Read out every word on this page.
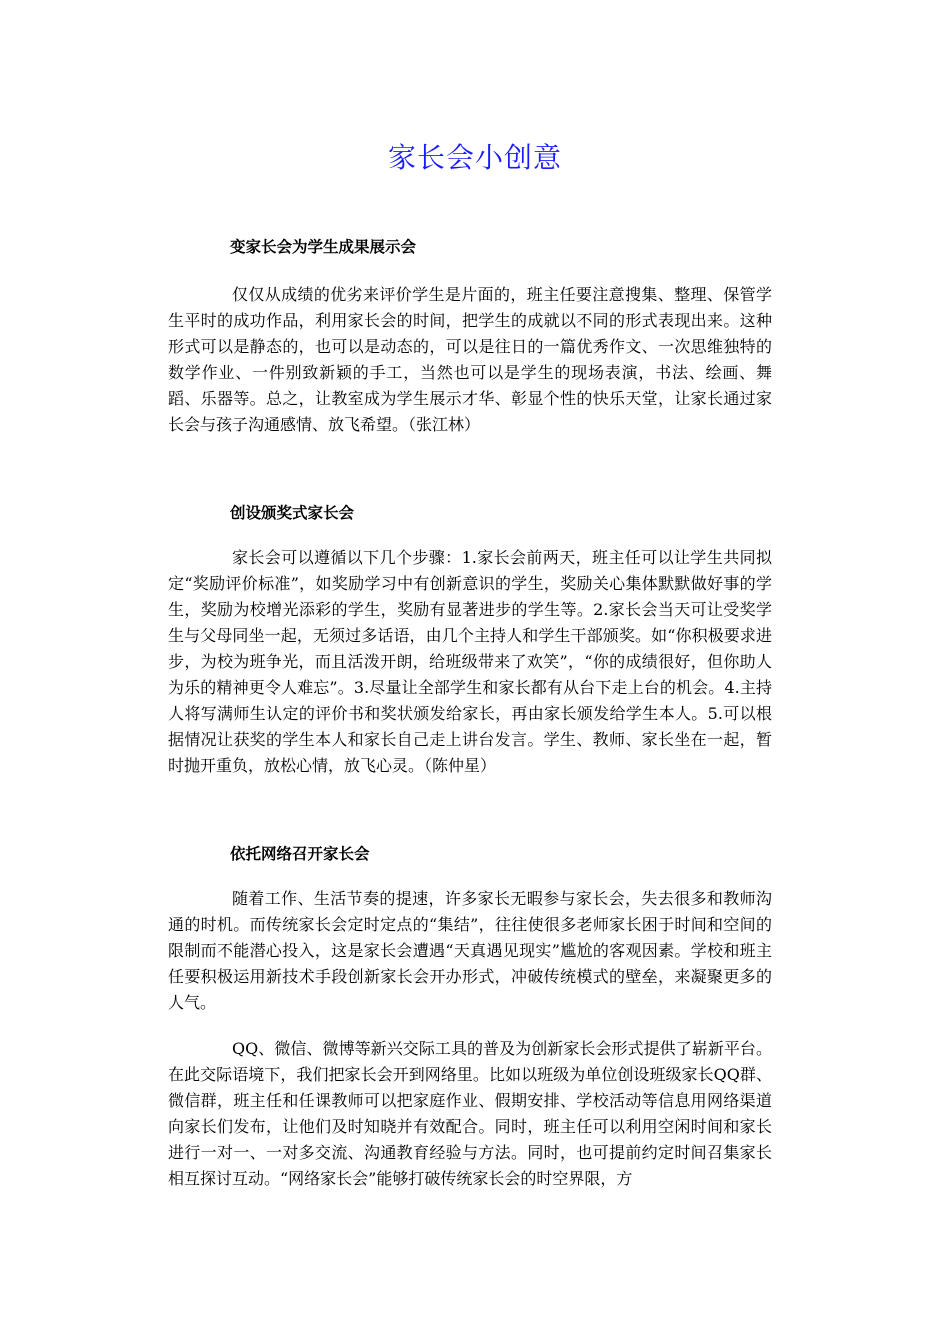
家长会小创意
变家长会为学生成果展示会
仅仅从成绩的优劣来评价学生是片面的，班主任要注意搜集、整理、保管学生平时的成功作品，利用家长会的时间，把学生的成就以不同的形式表现出来。这种形式可以是静态的，也可以是动态的，可以是往日的一篇优秀作文、一次思维独特的数学作业、一件别致新颖的手工，当然也可以是学生的现场表演，书法、绘画、舞蹈、乐器等。总之，让教室成为学生展示才华、彰显个性的快乐天堂，让家长通过家长会与孩子沟通感情、放飞希望。（张江林）
创设颁奖式家长会
家长会可以遵循以下几个步骤：1.家长会前两天，班主任可以让学生共同拟定“奖励评价标准”，如奖励学习中有创新意识的学生，奖励关心集体默默做好事的学生，奖励为校增光添彩的学生，奖励有显著进步的学生等。2.家长会当天可让受奖学生与父母同坐一起，无须过多话语，由几个主持人和学生干部颁奖。如“你积极要求进步，为校为班争光，而且活泼开朗，给班级带来了欢笑”，“你的成绩很好，但你助人为乐的精神更令人难忘”。3.尽量让全部学生和家长都有从台下走上台的机会。4.主持人将写满师生认定的评价书和奖状颁发给家长，再由家长颁发给学生本人。5.可以根据情况让获奖的学生本人和家长自己走上讲台发言。学生、教师、家长坐在一起，暂时抛开重负，放松心情，放飞心灵。（陈仲星）
依托网络召开家长会
随着工作、生活节奏的提速，许多家长无暇参与家长会，失去很多和教师沟通的时机。而传统家长会定时定点的“集结”，往往使很多老师家长困于时间和空间的限制而不能潜心投入，这是家长会遭遇“天真遇见现实”尴尬的客观因素。学校和班主任要积极运用新技术手段创新家长会开办形式，冲破传统模式的壁垒，来凝聚更多的人气。
QQ、微信、微博等新兴交际工具的普及为创新家长会形式提供了崭新平台。在此交际语境下，我们把家长会开到网络里。比如以班级为单位创设班级家长QQ群、微信群，班主任和任课教师可以把家庭作业、假期安排、学校活动等信息用网络渠道向家长们发布，让他们及时知晓并有效配合。同时，班主任可以利用空闲时间和家长进行一对一、一对多交流、沟通教育经验与方法。同时，也可提前约定时间召集家长相互探讨互动。“网络家长会”能够打破传统家长会的时空界限，方
